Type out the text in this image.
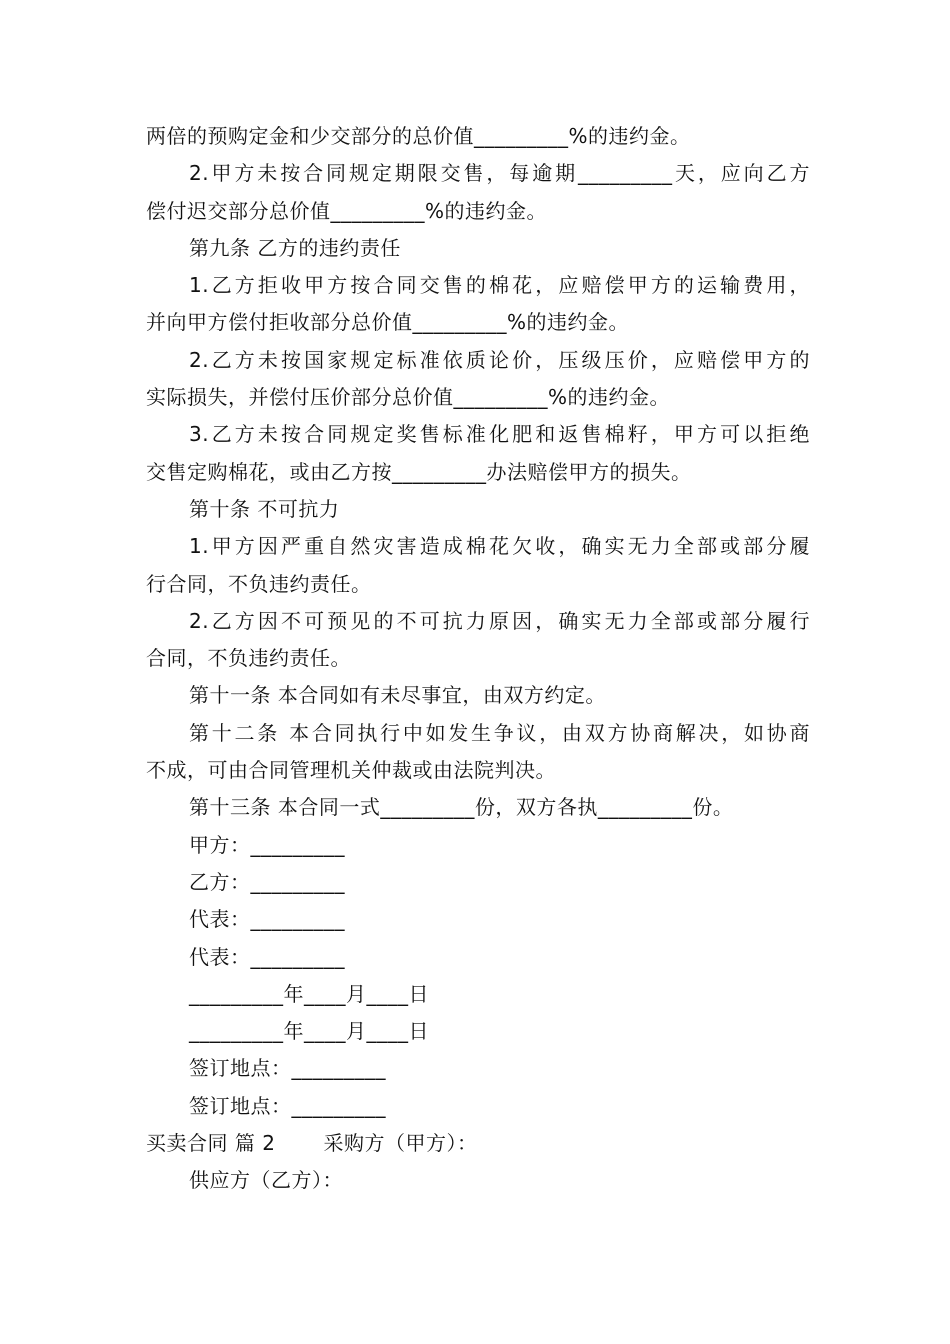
两倍的预购定金和少交部分的总价值_________%的违约金。
2.甲方未按合同规定期限交售，每逾期_________天，应向乙方
偿付迟交部分总价值_________%的违约金。
第九条 乙方的违约责任
1.乙方拒收甲方按合同交售的棉花，应赔偿甲方的运输费用，
并向甲方偿付拒收部分总价值_________%的违约金。
2.乙方未按国家规定标准依质论价，压级压价，应赔偿甲方的
实际损失，并偿付压价部分总价值_________%的违约金。
3.乙方未按合同规定奖售标准化肥和返售棉籽，甲方可以拒绝
交售定购棉花，或由乙方按_________办法赔偿甲方的损失。
第十条 不可抗力
1.甲方因严重自然灾害造成棉花欠收，确实无力全部或部分履
行合同，不负违约责任。
2.乙方因不可预见的不可抗力原因，确实无力全部或部分履行
合同，不负违约责任。
第十一条 本合同如有未尽事宜，由双方约定。
第十二条 本合同执行中如发生争议，由双方协商解决，如协商
不成，可由合同管理机关仲裁或由法院判决。
第十三条 本合同一式_________份，双方各执_________份。
甲方：_________
乙方：_________
代表：_________
代表：_________
_________年____月____日
_________年____月____日
签订地点：_________
签订地点：_________
买卖合同 篇 2       采购方（甲方）：
供应方（乙方）：
